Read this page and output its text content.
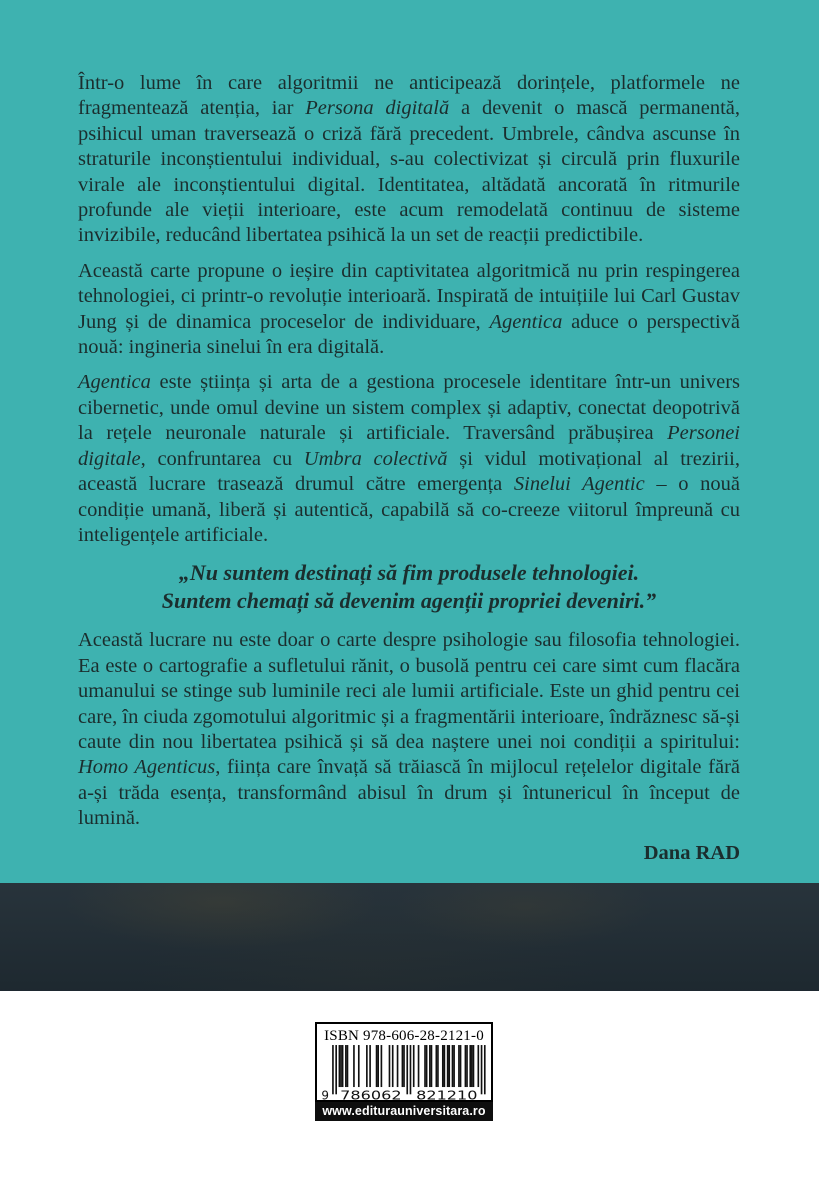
Într-o lume în care algoritmii ne anticipează dorințele, platformele ne fragmentează atenția, iar Persona digitală a devenit o mască permanentă, psihicul uman traversează o criză fără precedent. Umbrele, cândva ascunse în straturile inconștientului individual, s-au colectivizat și circulă prin fluxurile virale ale inconștientului digital. Identitatea, altădată ancorată în ritmurile profunde ale vieții interioare, este acum remodelată continuu de sisteme invizibile, reducând libertatea psihică la un set de reacții predictibile.

Această carte propune o ieșire din captivitatea algoritmică nu prin respingerea tehnologiei, ci printr-o revoluție interioară. Inspirată de intuițiile lui Carl Gustav Jung și de dinamica proceselor de individuare, Agentica aduce o perspectivă nouă: ingineria sinelui în era digitală.

Agentica este știința și arta de a gestiona procesele identitare într-un univers cibernetic, unde omul devine un sistem complex și adaptiv, conectat deopotrivă la rețele neuronale naturale și artificiale. Traversând prăbușirea Personei digitale, confruntarea cu Umbra colectivă și vidul motivațional al trezirii, această lucrare trasează drumul către emergența Sinelui Agentic – o nouă condiție umană, liberă și autentică, capabilă să co-creeze viitorul împreună cu inteligențele artificiale.

„Nu suntem destinați să fim produsele tehnologiei.
Suntem chemați să devenim agenții propriei deveniri.”

Această lucrare nu este doar o carte despre psihologie sau filosofia tehnologiei. Ea este o cartografie a sufletului rănit, o busolă pentru cei care simt cum flacăra umanului se stinge sub luminile reci ale lumii artificiale. Este un ghid pentru cei care, în ciuda zgomotului algoritmic și a fragmentării interioare, îndrăznesc să-și caute din nou libertatea psihică și să dea naștere unei noi condiții a spiritului: Homo Agenticus, ființa care învață să trăiască în mijlocul rețelelor digitale fără a-și trăda esența, transformând abisul în drum și întunericul în început de lumină.

Dana RAD
ISBN 978-606-28-2121-0
9 786062 821210
www.editurauniversitara.ro
